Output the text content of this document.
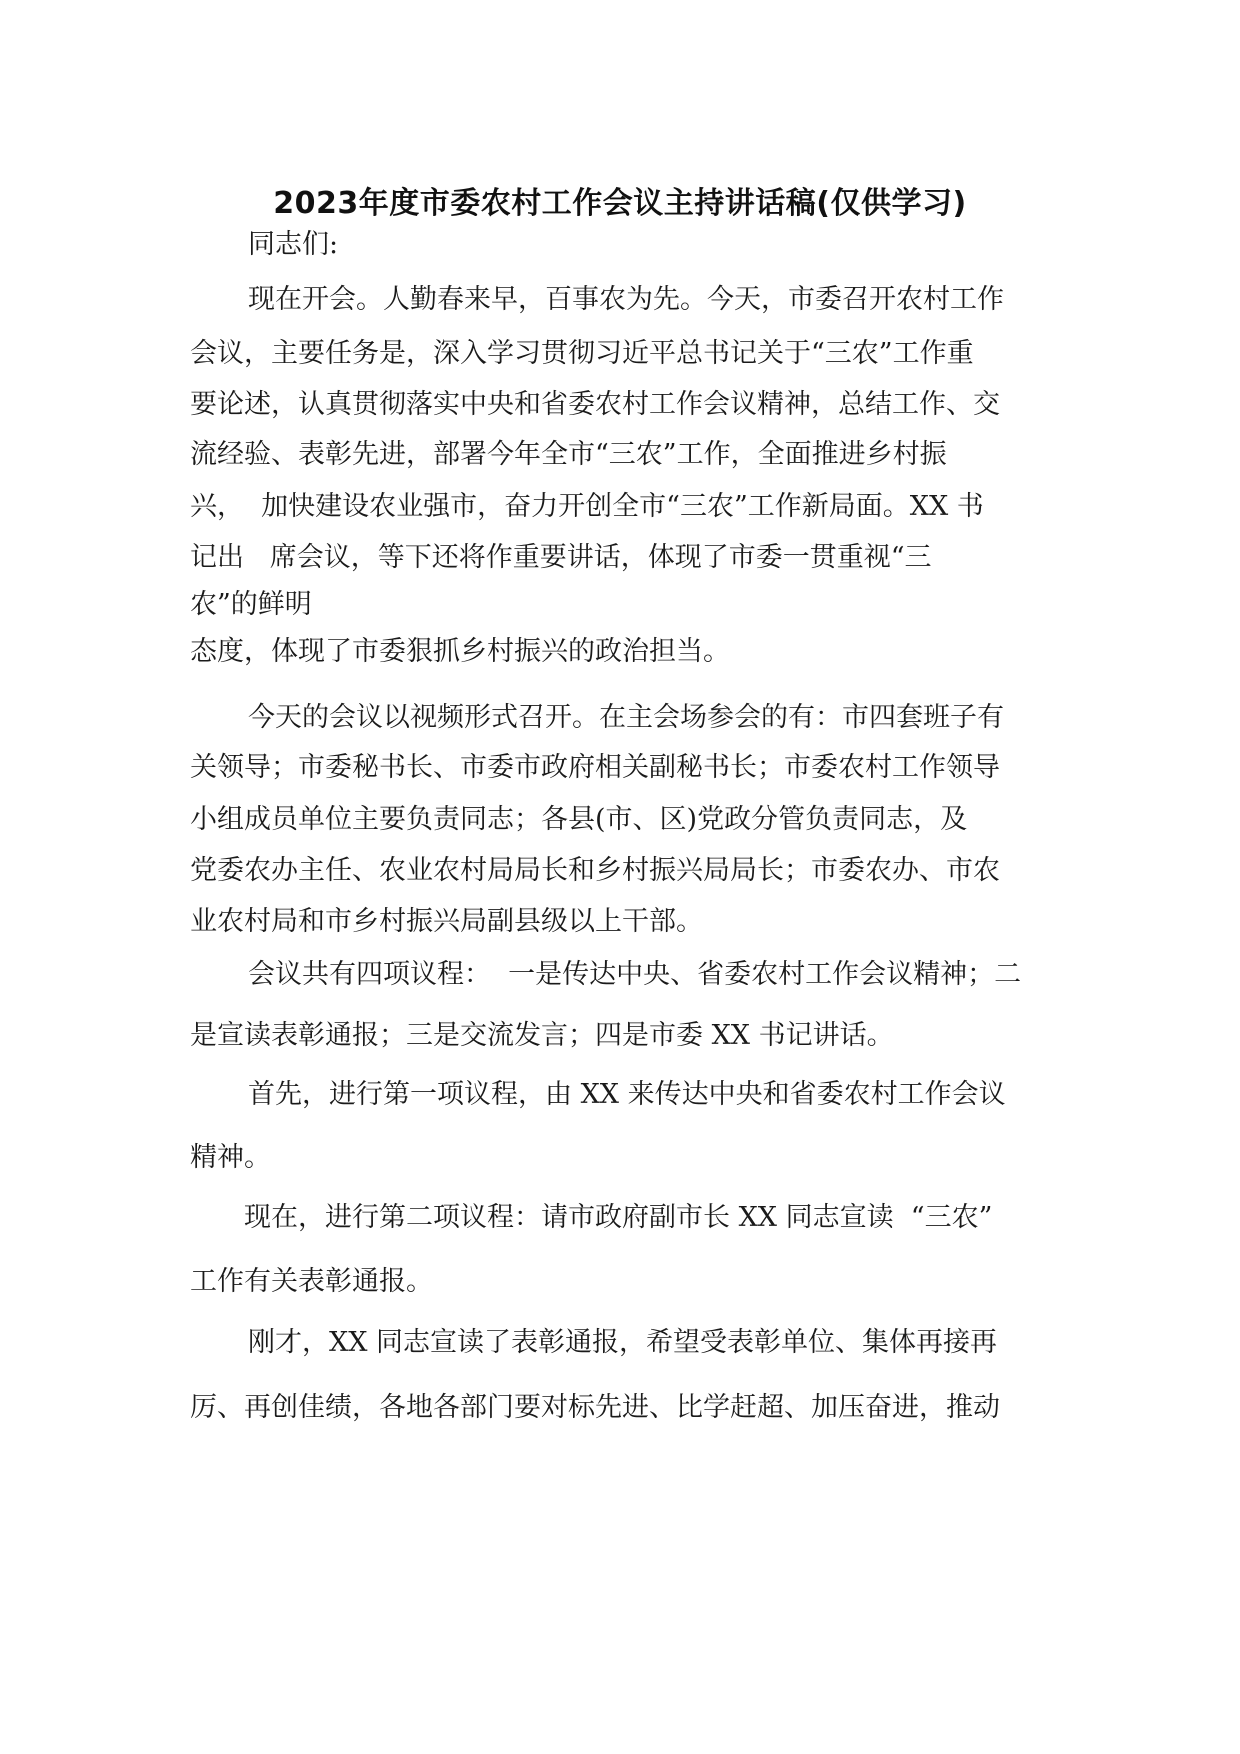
2023年度市委农村工作会议主持讲话稿(仅供学习)
同志们:
现在开会。人勤春来早，百事农为先。今天，市委召开农村工作
会议，主要任务是，深入学习贯彻习近平总书记关于“三农”工作重
要论述，认真贯彻落实中央和省委农村工作会议精神，总结工作、交
流经验、表彰先进，部署今年全市“三农”工作，全面推进乡村振
兴，  加快建设农业强市，奋力开创全市“三农”工作新局面。XX 书
记出   席会议，等下还将作重要讲话，体现了市委一贯重视“三
农”的鲜明
态度，体现了市委狠抓乡村振兴的政治担当。
今天的会议以视频形式召开。在主会场参会的有：市四套班子有
关领导；市委秘书长、市委市政府相关副秘书长；市委农村工作领导
小组成员单位主要负责同志；各县(市、区)党政分管负责同志，及
党委农办主任、农业农村局局长和乡村振兴局局长；市委农办、市农
业农村局和市乡村振兴局副县级以上干部。
会议共有四项议程：  一是传达中央、省委农村工作会议精神；二
是宣读表彰通报；三是交流发言；四是市委 XX 书记讲话。
首先，进行第一项议程，由 XX 来传达中央和省委农村工作会议
精神。
现在，进行第二项议程：请市政府副市长 XX 同志宣读  “三农”
工作有关表彰通报。
刚才，XX 同志宣读了表彰通报，希望受表彰单位、集体再接再
厉、再创佳绩，各地各部门要对标先进、比学赶超、加压奋进，推动
